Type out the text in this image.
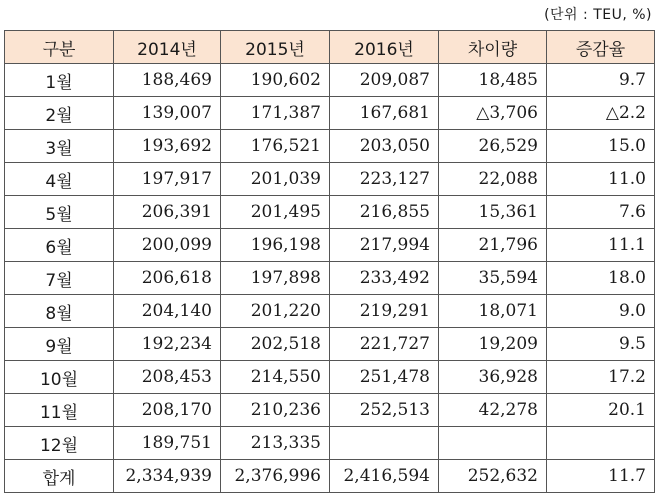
(단위 : TEU, %)
구분	2014년	2015년	2016년	차이량	증감율
1월	188,469	190,602	209,087	18,485	9.7
2월	139,007	171,387	167,681	△3,706	△2.2
3월	193,692	176,521	203,050	26,529	15.0
4월	197,917	201,039	223,127	22,088	11.0
5월	206,391	201,495	216,855	15,361	7.6
6월	200,099	196,198	217,994	21,796	11.1
7월	206,618	197,898	233,492	35,594	18.0
8월	204,140	201,220	219,291	18,071	9.0
9월	192,234	202,518	221,727	19,209	9.5
10월	208,453	214,550	251,478	36,928	17.2
11월	208,170	210,236	252,513	42,278	20.1
12월	189,751	213,335			
합계	2,334,939	2,376,996	2,416,594	252,632	11.7
